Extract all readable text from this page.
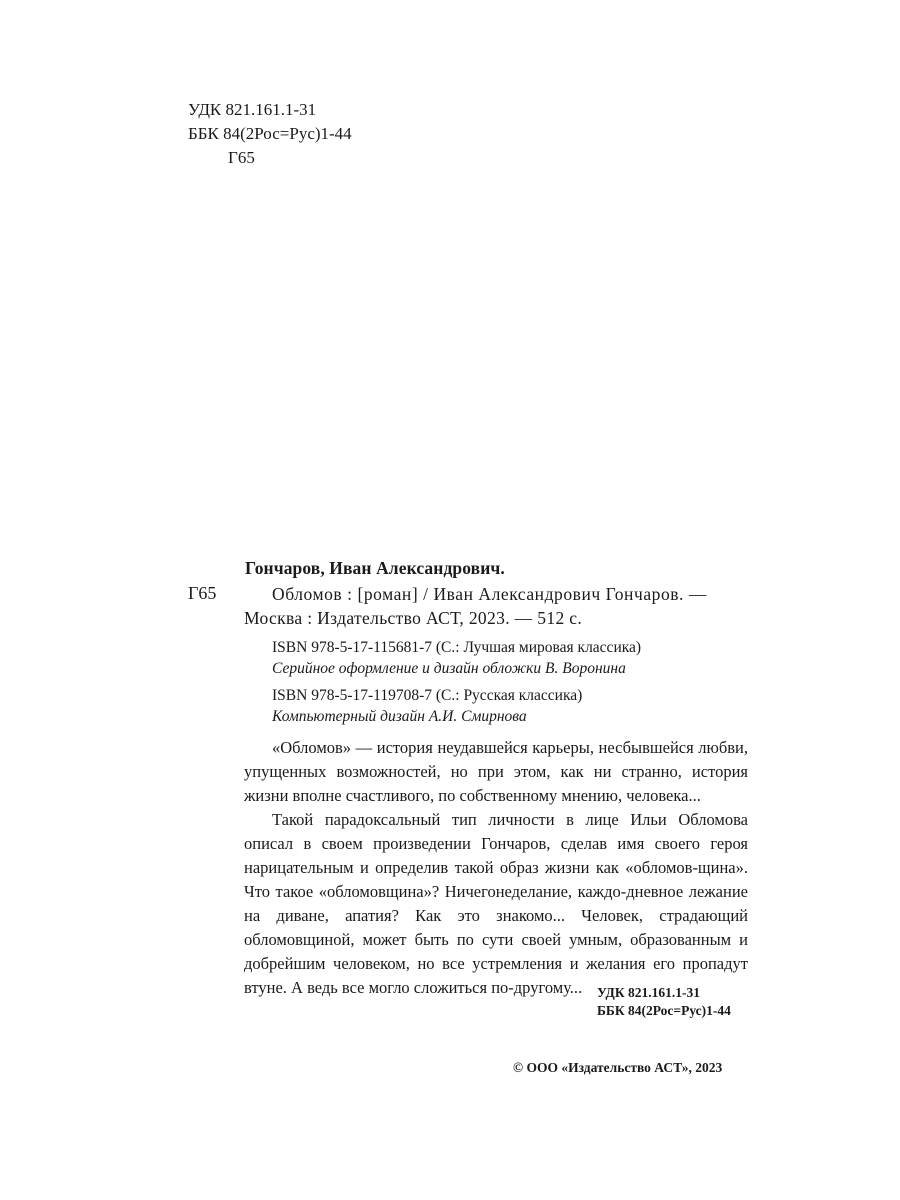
УДК 821.161.1-31
ББК 84(2Рос=Рус)1-44
Г65
Гончаров, Иван Александрович.
Г65	Обломов : [роман] / Иван Александрович Гончаров. —
Москва : Издательство АСТ, 2023. — 512 с.
ISBN 978-5-17-115681-7 (С.: Лучшая мировая классика)
Серийное оформление и дизайн обложки В. Воронина
ISBN 978-5-17-119708-7 (С.: Русская классика)
Компьютерный дизайн А.И. Смирнова

«Обломов» — история неудавшейся карьеры, несбывшейся любви, упущенных возможностей, но при этом, как ни странно, история жизни вполне счастливого, по собственному мнению, человека...

Такой парадоксальный тип личности в лице Ильи Обломова описал в своем произведении Гончаров, сделав имя своего героя нарицательным и определив такой образ жизни как «обломов-щина». Что такое «обломовщина»? Ничегонеделание, каждо-дневное лежание на диване, апатия? Как это знакомо... Человек, страдающий обломовщиной, может быть по сути своей умным, образованным и добрейшим человеком, но все устремления и желания его пропадут втуне. А ведь все могло сложиться по-другому...	УДК 821.161.1-31
ББК 84(2Рос=Рус)1-44
© ООО «Издательство АСТ», 2023
